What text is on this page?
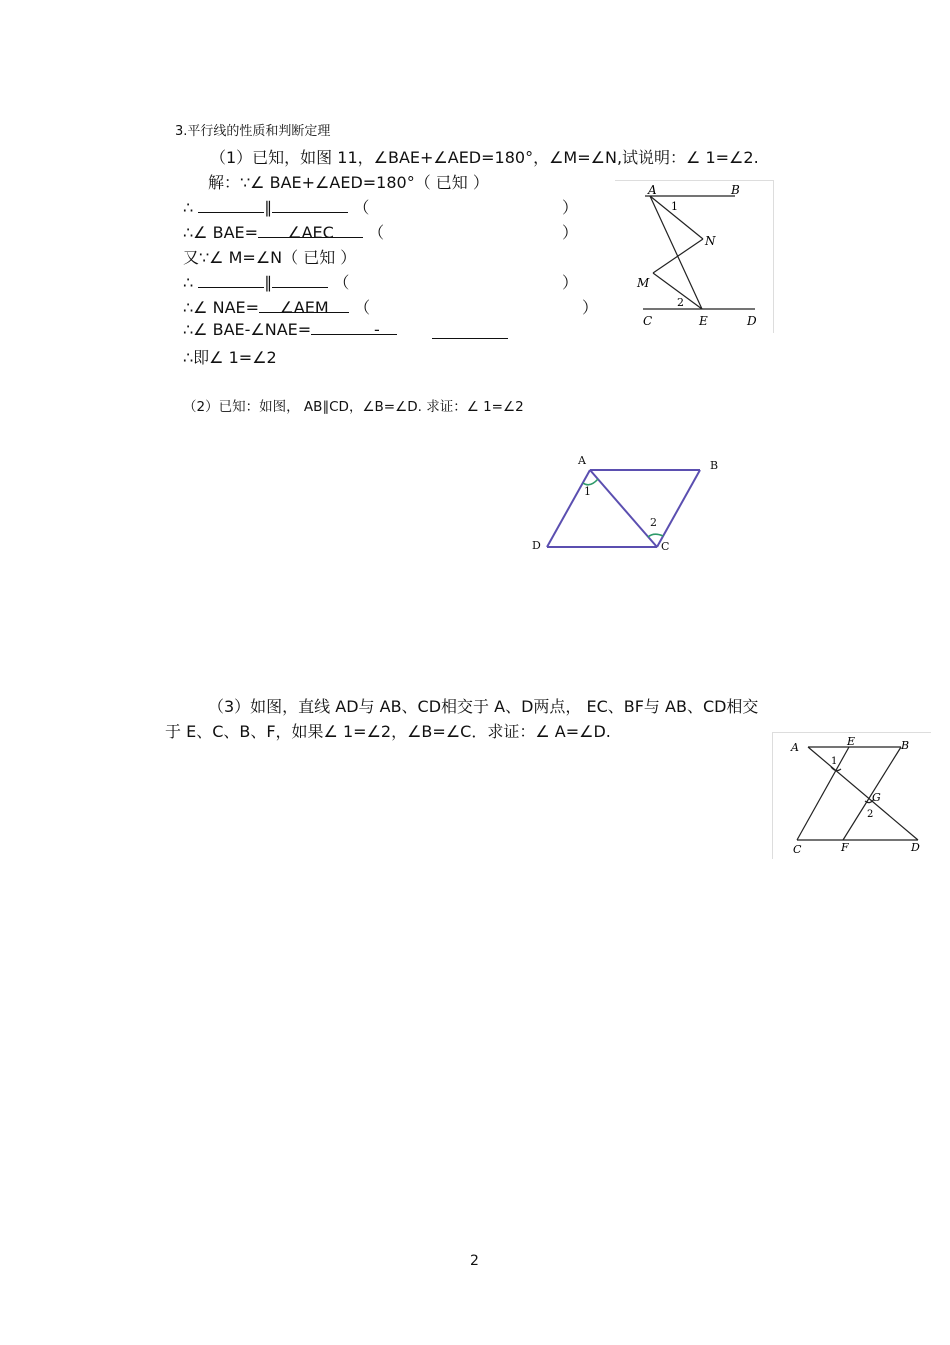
3.平行线的性质和判断定理
（1）已知，如图 11，∠BAE+∠AED=180°，∠M=∠N,试说明：∠ 1=∠2.
解：∵∠ BAE+∠AED=180°（ 已知 ）
∴	∥	（	）
∴∠ BAE= ∠AEC （	）
又∵∠ M=∠N（ 已知 ）
∴	∥	（	）
∴∠ NAE= ∠AEM （	）
∴∠ BAE-∠NAE=	-
∴即∠ 1=∠2
A	B
C	E	D
N
M
1
2
（2）已知：如图， AB∥CD，∠B=∠D. 求证：∠ 1=∠2
A	B
C
D
1
2
（3）如图，直线 AD与 AB、CD相交于 A、D两点， EC、BF与 AB、CD相交
于 E、C、B、F，如果∠ 1=∠2，∠B=∠C．求证：∠ A=∠D.
A	E	B
C	F	D
G
1
2
2
